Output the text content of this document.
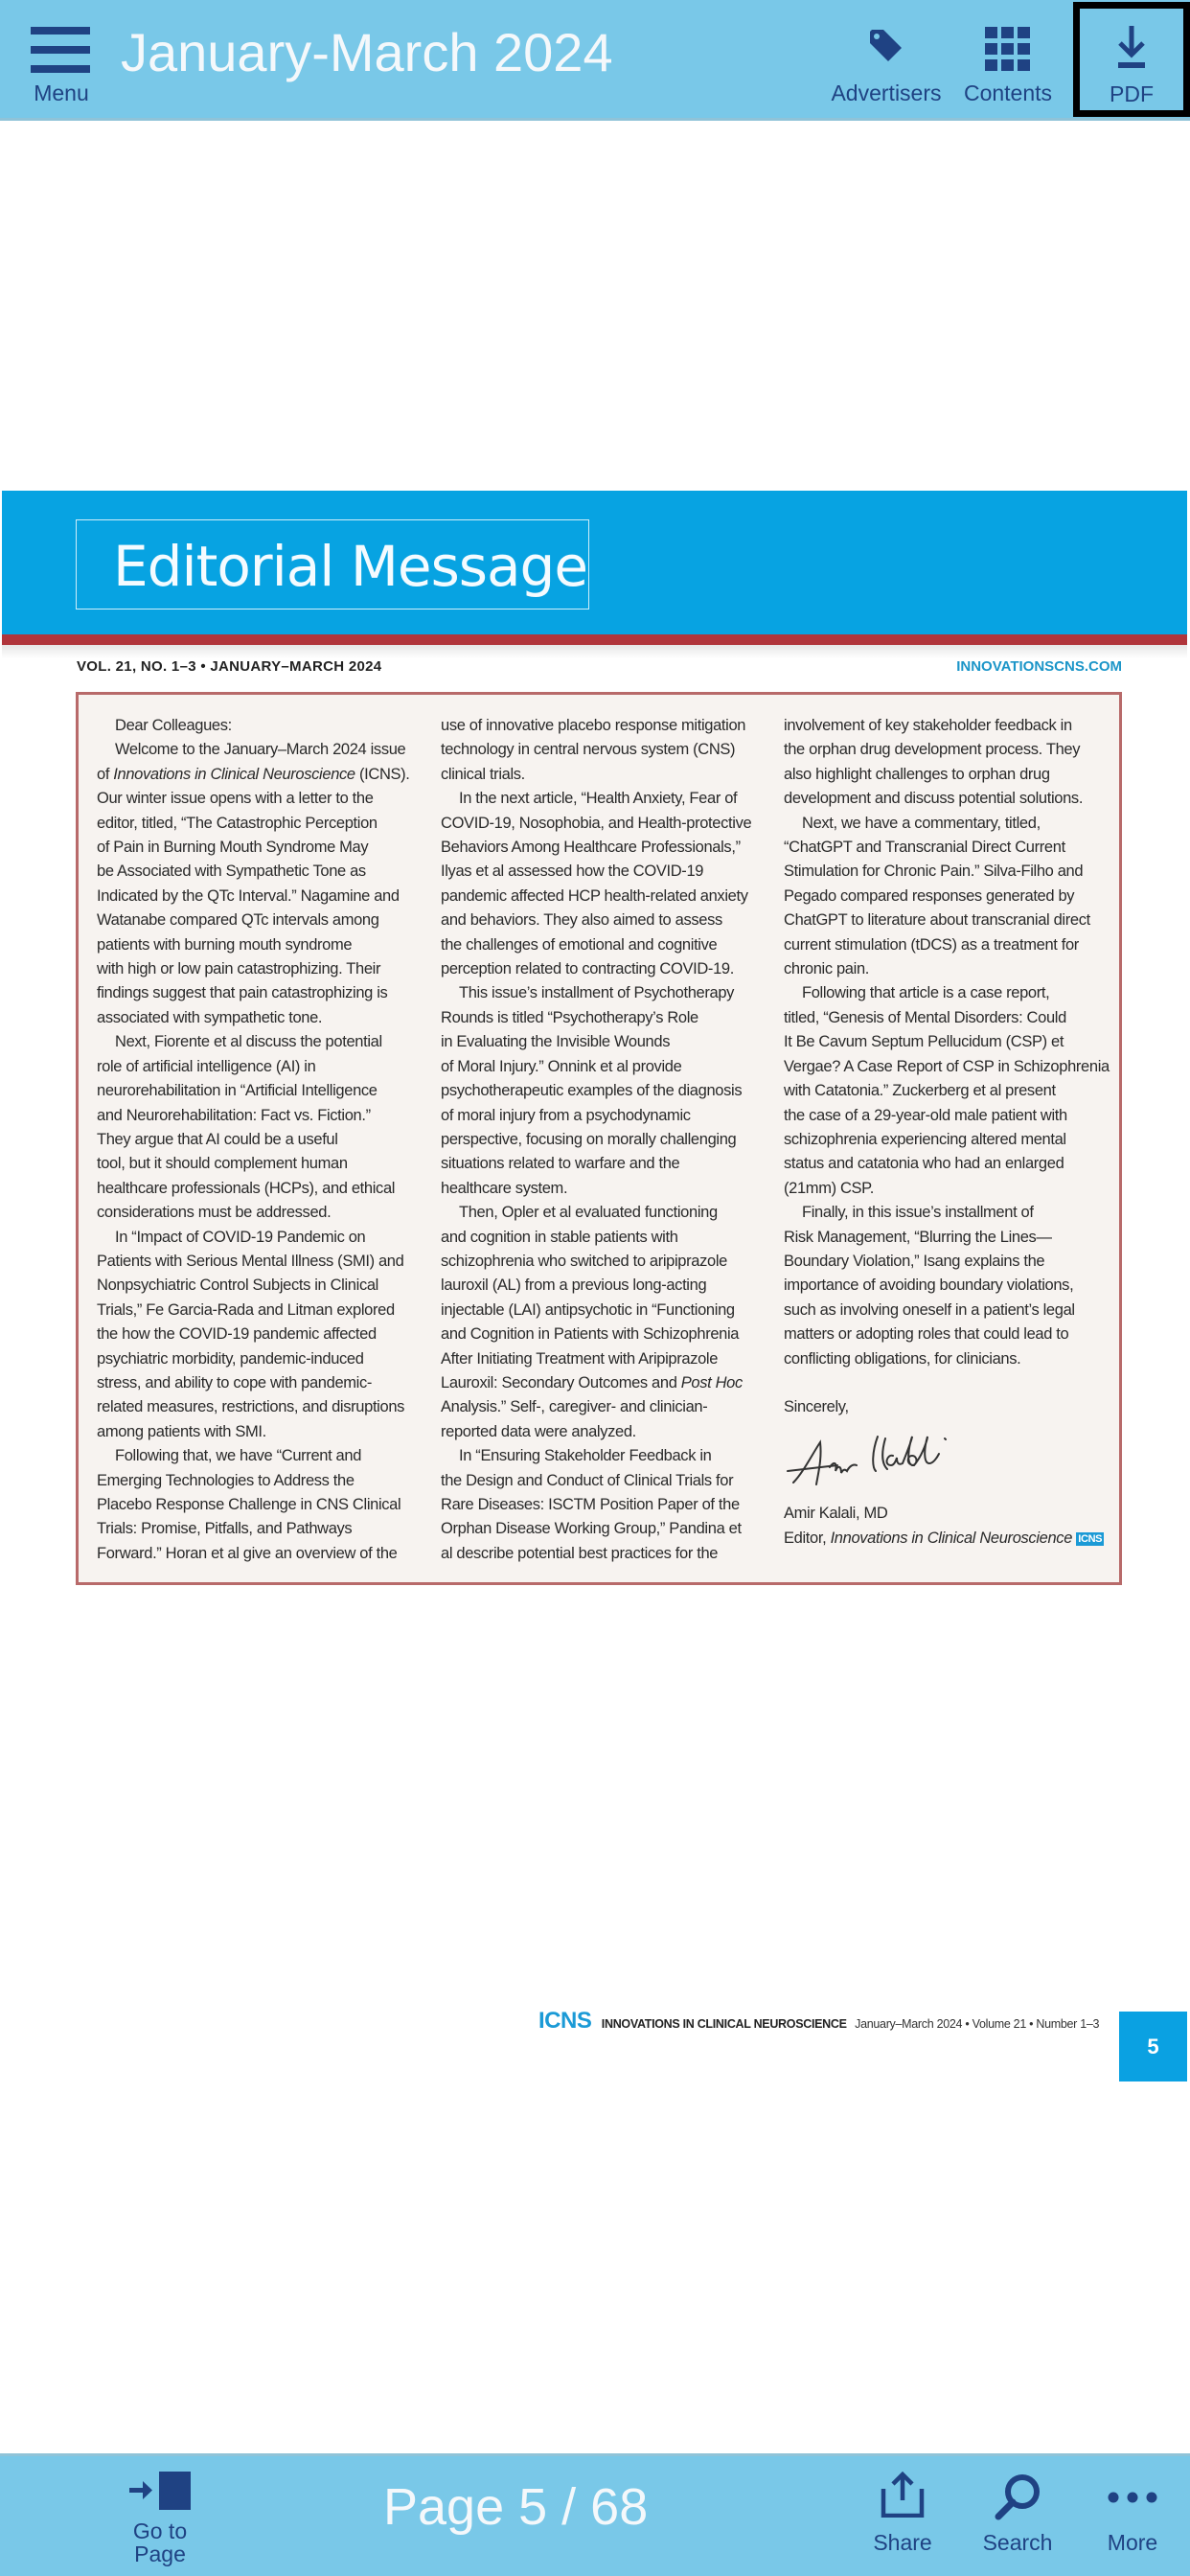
Menu
January-March 2024
Advertisers	Contents	PDF
Editorial Message
VOL. 21, NO. 1–3 • JANUARY–MARCH 2024	INNOVATIONSCNS.COM
Dear Colleagues:
Welcome to the January–March 2024 issue
of Innovations in Clinical Neuroscience (ICNS).
Our winter issue opens with a letter to the
editor, titled, “The Catastrophic Perception
of Pain in Burning Mouth Syndrome May
be Associated with Sympathetic Tone as
Indicated by the QTc Interval.” Nagamine and
Watanabe compared QTc intervals among
patients with burning mouth syndrome
with high or low pain catastrophizing. Their
findings suggest that pain catastrophizing is
associated with sympathetic tone.
Next, Fiorente et al discuss the potential
role of artificial intelligence (AI) in
neurorehabilitation in “Artificial Intelligence
and Neurorehabilitation: Fact vs. Fiction.”
They argue that AI could be a useful
tool, but it should complement human
healthcare professionals (HCPs), and ethical
considerations must be addressed.
In “Impact of COVID-19 Pandemic on
Patients with Serious Mental Illness (SMI) and
Nonpsychiatric Control Subjects in Clinical
Trials,” Fe Garcia-Rada and Litman explored
the how the COVID-19 pandemic affected
psychiatric morbidity, pandemic-induced
stress, and ability to cope with pandemic-
related measures, restrictions, and disruptions
among patients with SMI.
Following that, we have “Current and
Emerging Technologies to Address the
Placebo Response Challenge in CNS Clinical
Trials: Promise, Pitfalls, and Pathways
Forward.” Horan et al give an overview of the
use of innovative placebo response mitigation
technology in central nervous system (CNS)
clinical trials.
In the next article, “Health Anxiety, Fear of
COVID-19, Nosophobia, and Health-protective
Behaviors Among Healthcare Professionals,”
Ilyas et al assessed how the COVID-19
pandemic affected HCP health-related anxiety
and behaviors. They also aimed to assess
the challenges of emotional and cognitive
perception related to contracting COVID-19.
This issue’s installment of Psychotherapy
Rounds is titled “Psychotherapy’s Role
in Evaluating the Invisible Wounds
of Moral Injury.” Onnink et al provide
psychotherapeutic examples of the diagnosis
of moral injury from a psychodynamic
perspective, focusing on morally challenging
situations related to warfare and the
healthcare system.
Then, Opler et al evaluated functioning
and cognition in stable patients with
schizophrenia who switched to aripiprazole
lauroxil (AL) from a previous long-acting
injectable (LAI) antipsychotic in “Functioning
and Cognition in Patients with Schizophrenia
After Initiating Treatment with Aripiprazole
Lauroxil: Secondary Outcomes and Post Hoc
Analysis.” Self-, caregiver- and clinician-
reported data were analyzed.
In “Ensuring Stakeholder Feedback in
the Design and Conduct of Clinical Trials for
Rare Diseases: ISCTM Position Paper of the
Orphan Disease Working Group,” Pandina et
al describe potential best practices for the
involvement of key stakeholder feedback in
the orphan drug development process. They
also highlight challenges to orphan drug
development and discuss potential solutions.
Next, we have a commentary, titled,
“ChatGPT and Transcranial Direct Current
Stimulation for Chronic Pain.” Silva-Filho and
Pegado compared responses generated by
ChatGPT to literature about transcranial direct
current stimulation (tDCS) as a treatment for
chronic pain.
Following that article is a case report,
titled, “Genesis of Mental Disorders: Could
It Be Cavum Septum Pellucidum (CSP) et
Vergae? A Case Report of CSP in Schizophrenia
with Catatonia.” Zuckerberg et al present
the case of a 29-year-old male patient with
schizophrenia experiencing altered mental
status and catatonia who had an enlarged
(21mm) CSP.
Finally, in this issue’s installment of
Risk Management, “Blurring the Lines—
Boundary Violation,” Isang explains the
importance of avoiding boundary violations,
such as involving oneself in a patient’s legal
matters or adopting roles that could lead to
conflicting obligations, for clinicians.
Sincerely,
Amir Kalali, MD
Editor, Innovations in Clinical Neuroscience ICNS
ICNS INNOVATIONS IN CLINICAL NEUROSCIENCE January–March 2024 • Volume 21 • Number 1–3
5
Go to
Page
Page 5 / 68
Share	Search	More
